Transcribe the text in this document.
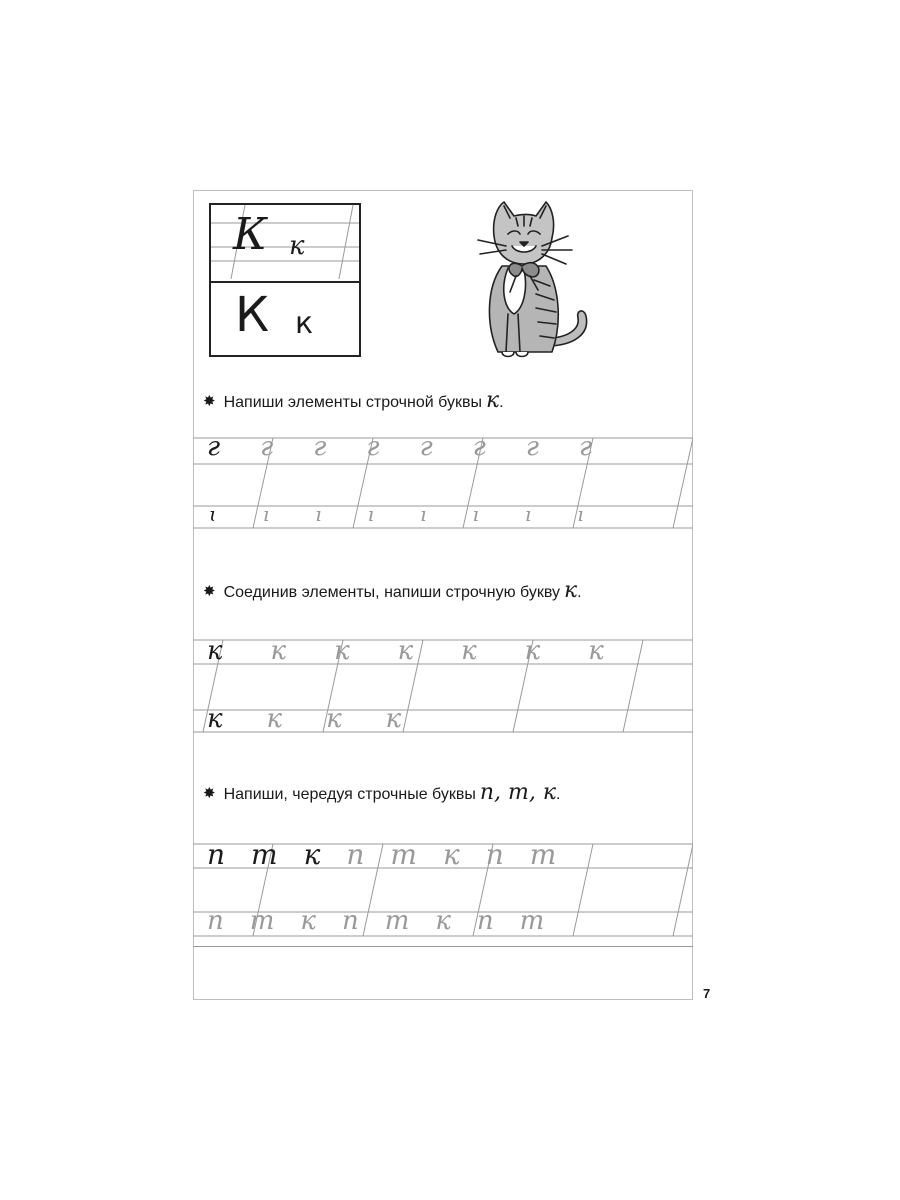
К к
К к
✸ Напиши элементы строчной буквы к .
г г г г г г г г
ɩ ı ı ı ı ı ı ı
✸ Соединив элементы, напиши строчную букву к .
к к к к к к к
к к к к
✸ Напиши, чередуя строчные буквы п, т, к .
п т к п т к п т
п т к п т к п т
7
